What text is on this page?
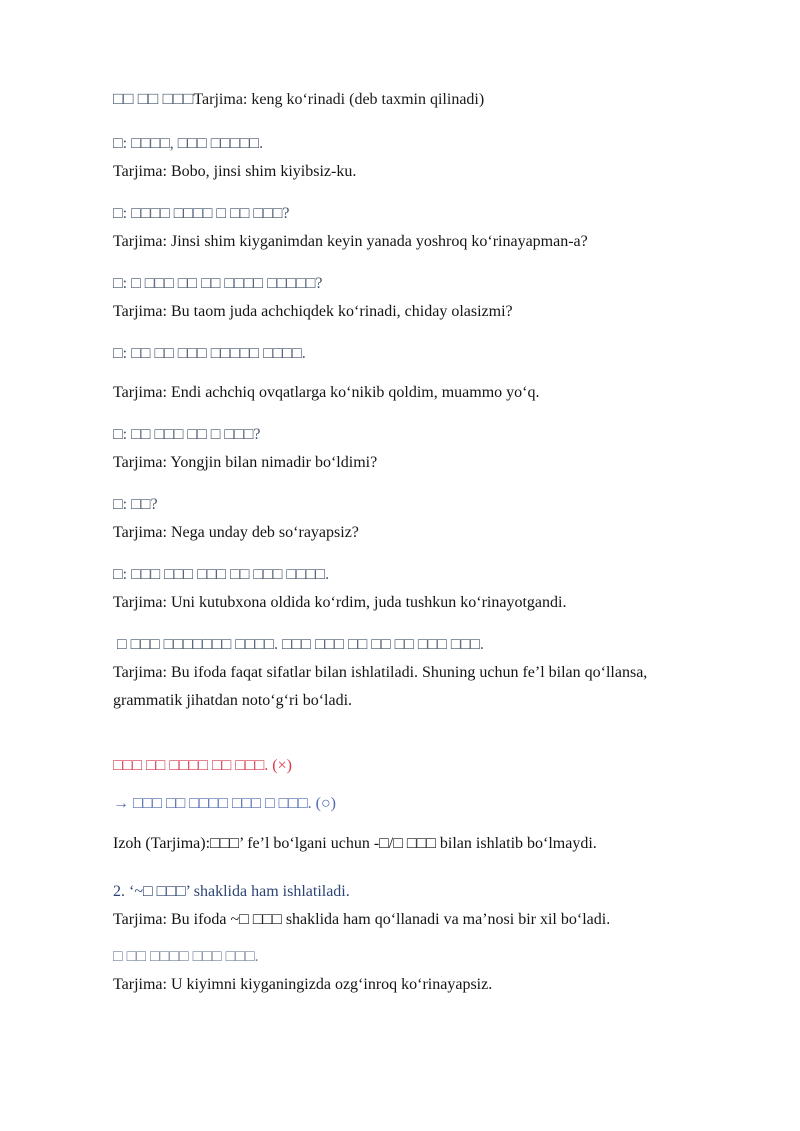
□□ □□ □□□Tarjima: keng ko‘rinadi (deb taxmin qilinadi)

□: □□□□, □□□ □□□□□.

Tarjima: Bobo, jinsi shim kiyibsiz-ku.

□: □□□□ □□□□ □ □□ □□□?

Tarjima: Jinsi shim kiyganimdan keyin yanada yoshroq ko‘rinayapman-a?

□: □ □□□ □□ □□ □□□□ □□□□□?

Tarjima: Bu taom juda achchiqdek ko‘rinadi, chiday olasizmi?

□: □□ □□ □□□ □□□□□ □□□□.

Tarjima: Endi achchiq ovqatlarga ko‘nikib qoldim, muammo yo‘q.

□: □□ □□□ □□ □ □□□?

Tarjima: Yongjin bilan nimadir bo‘ldimi?

□: □□?

Tarjima: Nega unday deb so‘rayapsiz?

□: □□□ □□□ □□□ □□ □□□ □□□□.

Tarjima: Uni kutubxona oldida ko‘rdim, juda tushkun ko‘rinayotgandi.

□ □□□ □□□□□□□ □□□□. □□□ □□□ □□ □□ □□ □□□ □□□.

Tarjima: Bu ifoda faqat sifatlar bilan ishlatiladi. Shuning uchun fe’l bilan qo‘llansa, grammatik jihatdan noto‘g‘ri bo‘ladi.

□□□ □□ □□□□ □□ □□□. (×)

→ □□□ □□ □□□□ □□□ □ □□□. (○)

Izoh (Tarjima):□□□’ fe’l bo‘lgani uchun -□/□ □□□ bilan ishlatib bo‘lmaydi.

2. ‘~□ □□□’ shaklida ham ishlatiladi.

Tarjima: Bu ifoda ~□ □□□ shaklida ham qo‘llanadi va ma’nosi bir xil bo‘ladi.

□ □□ □□□□ □□□ □□□.

Tarjima: U kiyimni kiyganingizda ozg‘inroq ko‘rinayapsiz.
